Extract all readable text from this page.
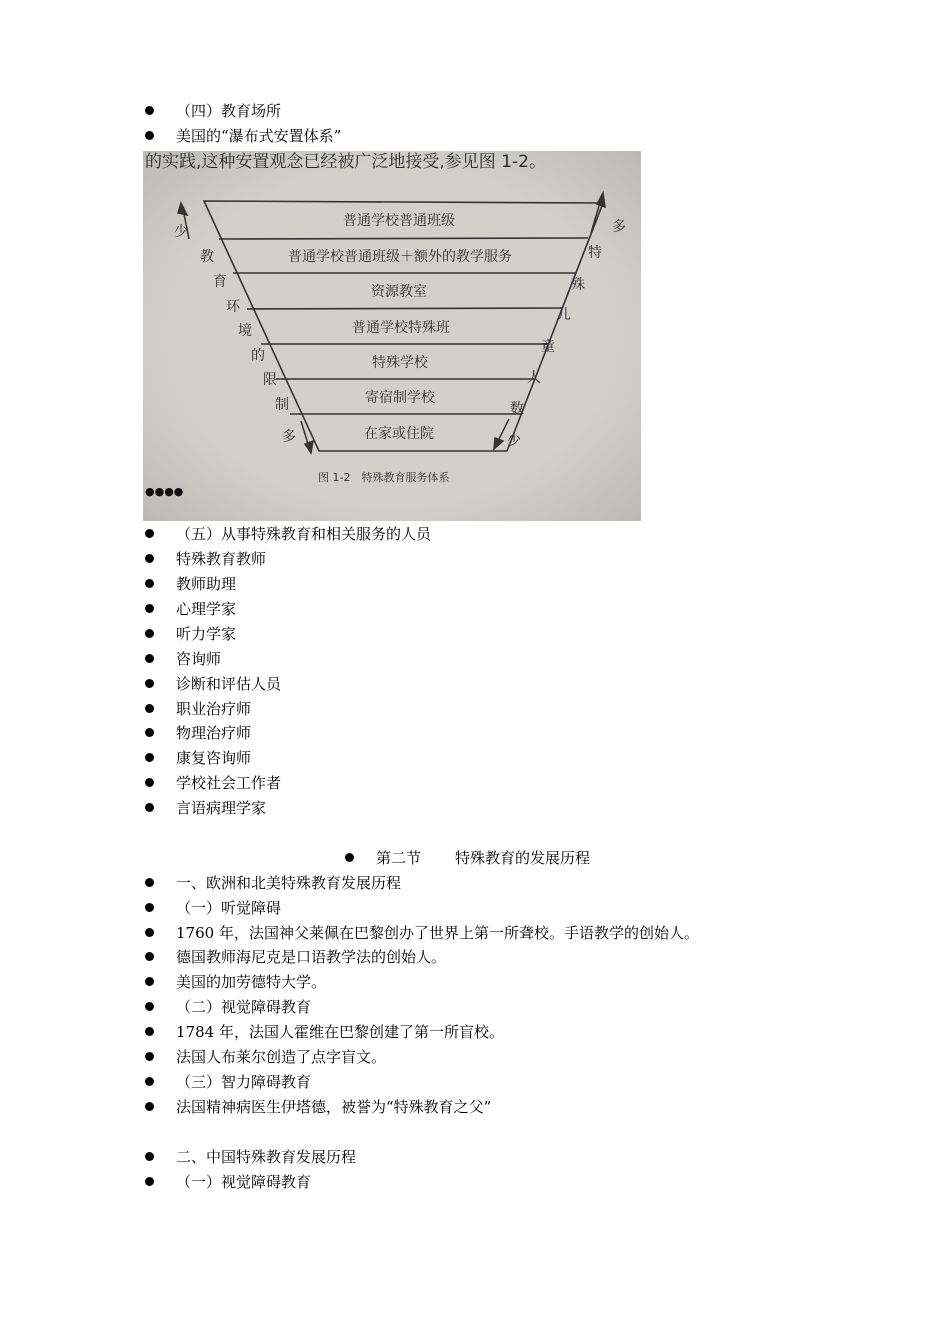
（四）教育场所
美国的“瀑布式安置体系”
的实践,这种安置观念已经被广泛地接受,参见图 1-2。
普通学校普通班级
普通学校普通班级＋额外的教学服务
资源教室
普通学校特殊班
特殊学校
寄宿制学校
在家或住院
少
教
育
环
境
的
限
制
多
多
特
殊
儿
童
人
数
少
图 1-2　特殊教育服务体系
●●●●
（五）从事特殊教育和相关服务的人员
特殊教育教师
教师助理
心理学家
听力学家
咨询师
诊断和评估人员
职业治疗师
物理治疗师
康复咨询师
学校社会工作者
言语病理学家
第二节 特殊教育的发展历程
一、欧洲和北美特殊教育发展历程
（一）听觉障碍
1760 年，法国神父莱佩在巴黎创办了世界上第一所聋校。手语教学的创始人。
德国教师海尼克是口语教学法的创始人。
美国的加劳德特大学。
（二）视觉障碍教育
1784 年，法国人霍维在巴黎创建了第一所盲校。
法国人布莱尔创造了点字盲文。
（三）智力障碍教育
法国精神病医生伊塔德，被誉为“特殊教育之父”
二、中国特殊教育发展历程
（一）视觉障碍教育
